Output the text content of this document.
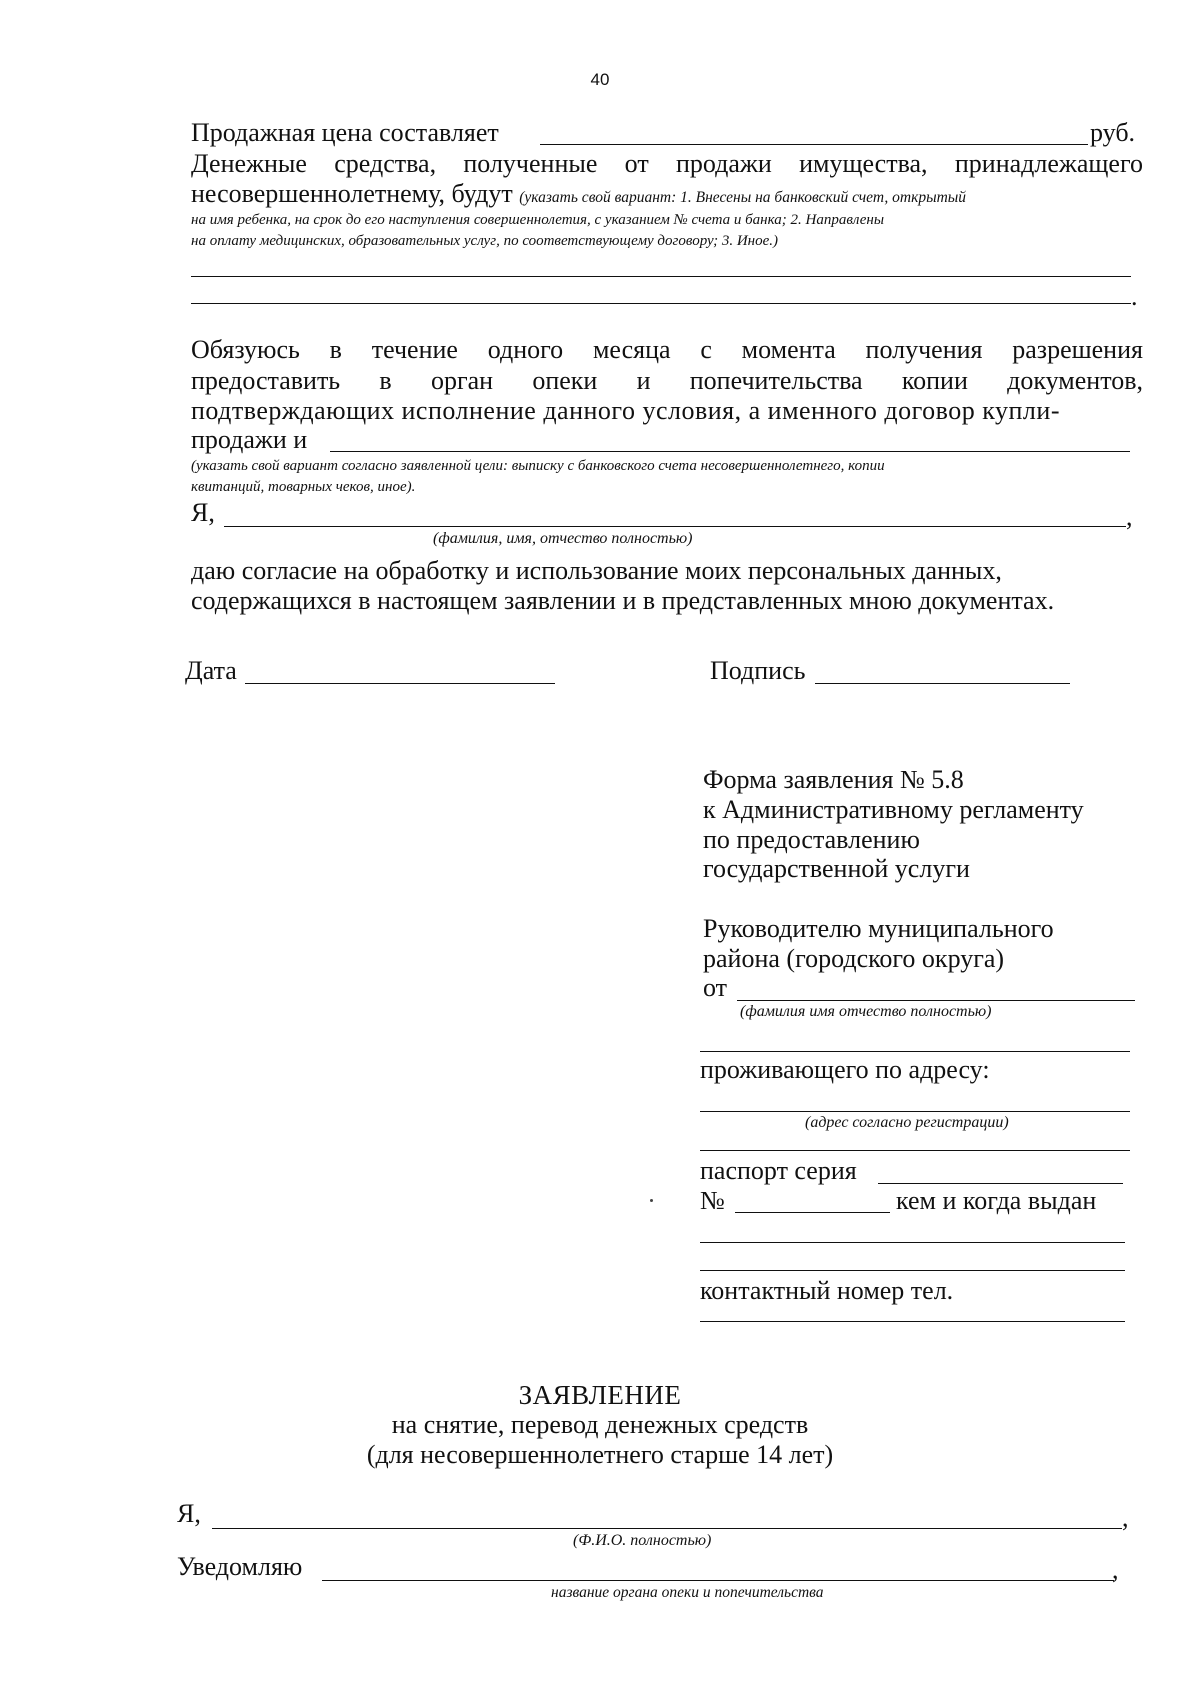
40
Продажная цена составляет	руб.
Денежные средства, полученные от продажи имущества, принадлежащего
несовершеннолетнему, будут (указать свой вариант: 1. Внесены на банковский счет, открытый
на имя ребенка, на срок до его наступления совершеннолетия, с указанием № счета и банка; 2. Направлены
на оплату медицинских, образовательных услуг, по соответствующему договору; 3. Иное.)
.
Обязуюсь в течение одного месяца с момента получения разрешения
предоставить в орган опеки и попечительства копии документов,
подтверждающих исполнение данного условия, а именного договор купли-
продажи и
(указать свой вариант согласно заявленной цели: выписку с банковского счета несовершеннолетнего, копии
квитанций, товарных чеков, иное).
Я,	,
(фамилия, имя, отчество полностью)
даю согласие на обработку и использование моих персональных данных,
содержащихся в настоящем заявлении и в представленных мною документах.
Дата	Подпись
Форма заявления № 5.8
к Административному регламенту
по предоставлению
государственной услуги
Руководителю муниципального
района (городского округа)
от
(фамилия имя отчество полностью)
проживающего по адресу:
(адрес согласно регистрации)
паспорт серия
№	кем и когда выдан
контактный номер тел.
ЗАЯВЛЕНИЕ
на снятие, перевод денежных средств
(для несовершеннолетнего старше 14 лет)
Я,	,
(Ф.И.О. полностью)
Уведомляю	,
название органа опеки и попечительства
